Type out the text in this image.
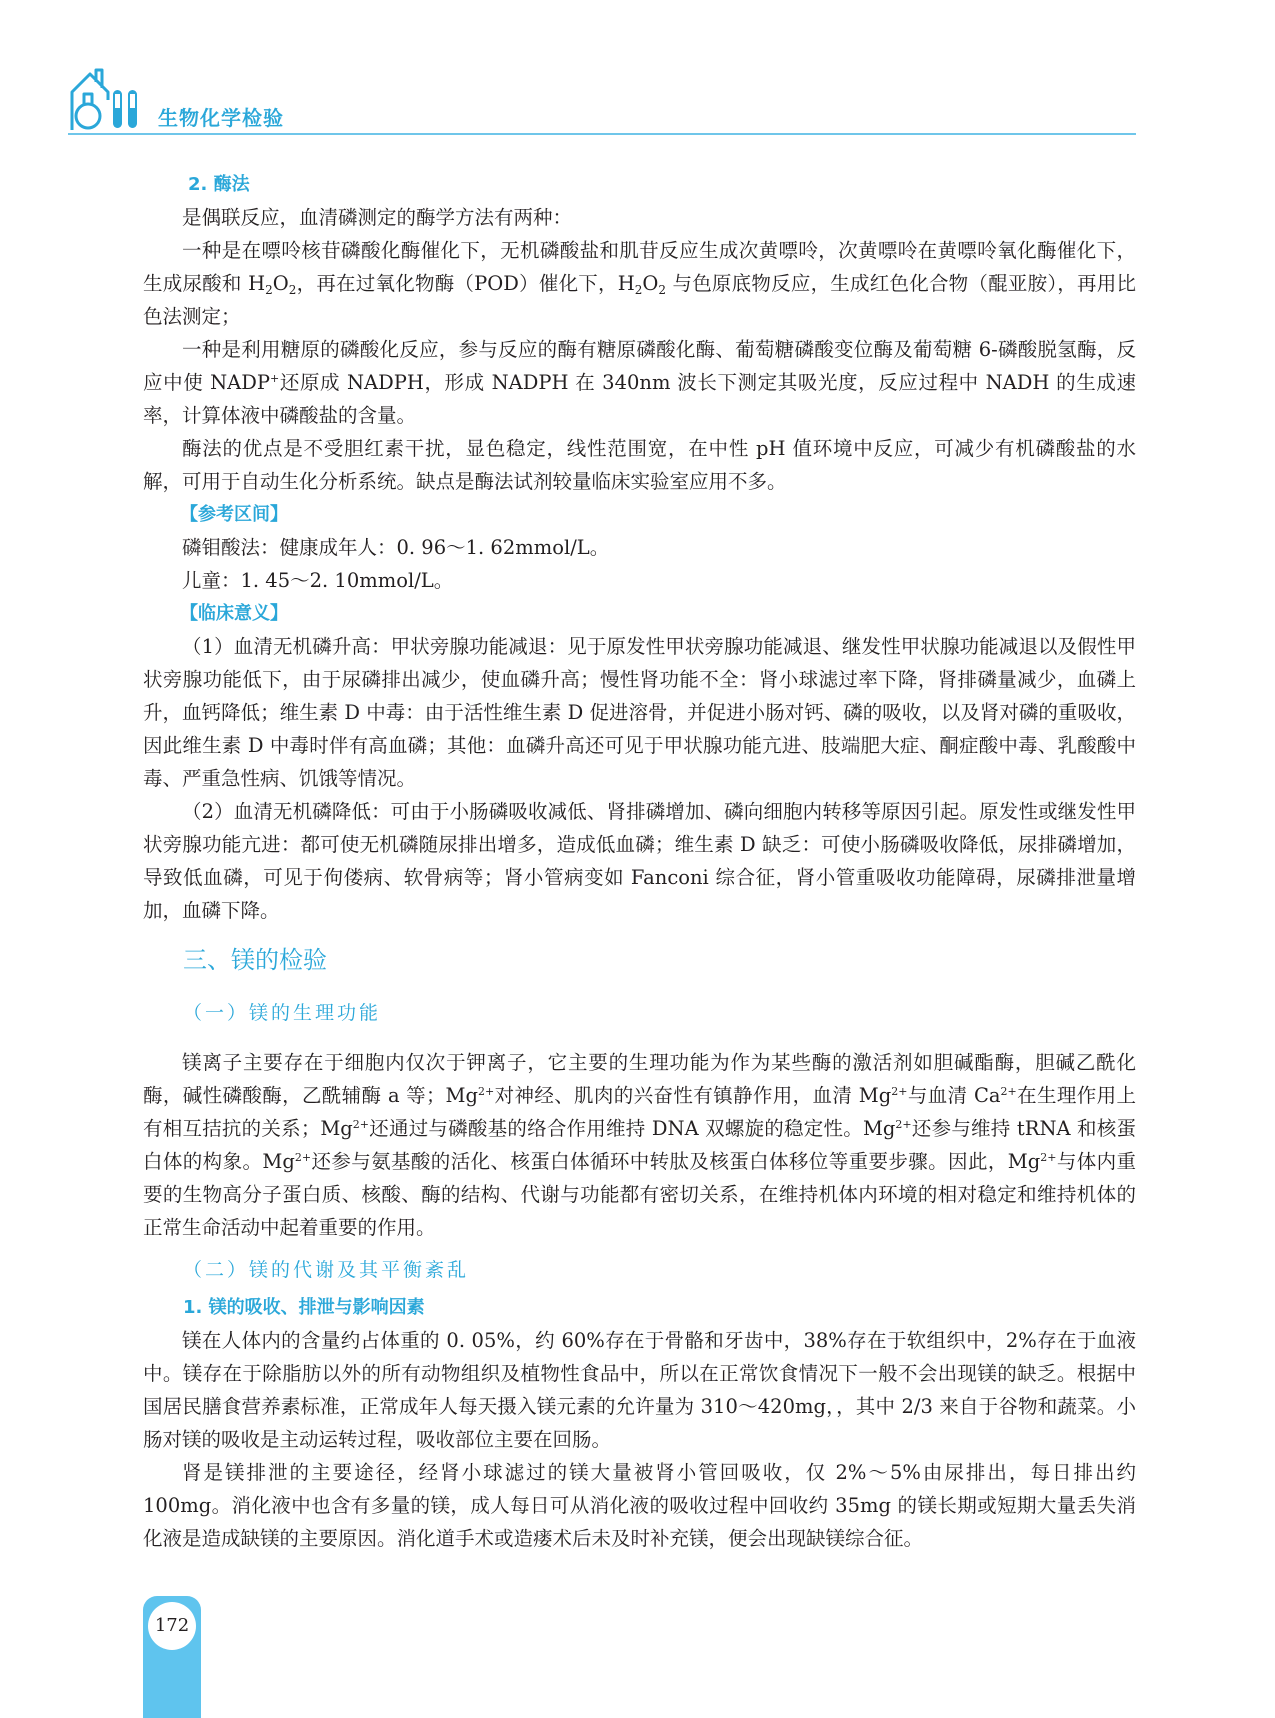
生物化学检验
2. 酶法

是偶联反应，血清磷测定的酶学方法有两种：

一种是在嘌呤核苷磷酸化酶催化下，无机磷酸盐和肌苷反应生成次黄嘌呤，次黄嘌呤在黄嘌呤氧化酶催化下，生成尿酸和 $H_2O_2$，再在过氧化物酶（POD）催化下，$H_2O_2$ 与色原底物反应，生成红色化合物（醌亚胺），再用比色法测定；

一种是利用糖原的磷酸化反应，参与反应的酶有糖原磷酸化酶、葡萄糖磷酸变位酶及葡萄糖 6-磷酸脱氢酶，反应中使 NADP+还原成 NADPH，形成 NADPH 在 340nm 波长下测定其吸光度，反应过程中 NADH 的生成速率，计算体液中磷酸盐的含量。

酶法的优点是不受胆红素干扰，显色稳定，线性范围宽，在中性 pH 值环境中反应，可减少有机磷酸盐的水解，可用于自动生化分析系统。缺点是酶法试剂较量临床实验室应用不多。

【参考区间】

磷钼酸法：健康成年人：0. 96～1. 62mmol/L。

儿童：1. 45～2. 10mmol/L。

【临床意义】

（1）血清无机磷升高：甲状旁腺功能减退：见于原发性甲状旁腺功能减退、继发性甲状腺功能减退以及假性甲状旁腺功能低下，由于尿磷排出减少，使血磷升高；慢性肾功能不全：肾小球滤过率下降，肾排磷量减少，血磷上升，血钙降低；维生素 D 中毒：由于活性维生素 D 促进溶骨，并促进小肠对钙、磷的吸收，以及肾对磷的重吸收，因此维生素 D 中毒时伴有高血磷；其他：血磷升高还可见于甲状腺功能亢进、肢端肥大症、酮症酸中毒、乳酸酸中毒、严重急性病、饥饿等情况。

（2）血清无机磷降低：可由于小肠磷吸收减低、肾排磷增加、磷向细胞内转移等原因引起。原发性或继发性甲状旁腺功能亢进：都可使无机磷随尿排出增多，造成低血磷；维生素 D 缺乏：可使小肠磷吸收降低，尿排磷增加，导致低血磷，可见于佝偻病、软骨病等；肾小管病变如 Fanconi 综合征，肾小管重吸收功能障碍，尿磷排泄量增加，血磷下降。

三、镁的检验
（一）镁的生理功能

镁离子主要存在于细胞内仅次于钾离子，它主要的生理功能为作为某些酶的激活剂如胆碱酯酶，胆碱乙酰化酶，碱性磷酸酶，乙酰辅酶 a 等；$Mg^{2+}$对神经、肌肉的兴奋性有镇静作用，血清 $Mg^{2+}$与血清 $Ca^{2+}$在生理作用上有相互拮抗的关系；$Mg^{2+}$还通过与磷酸基的络合作用维持 DNA 双螺旋的稳定性。$Mg^{2+}$还参与维持 tRNA 和核蛋白体的构象。$Mg^{2+}$还参与氨基酸的活化、核蛋白体循环中转肽及核蛋白体移位等重要步骤。因此，$Mg^{2+}$与体内重要的生物高分子蛋白质、核酸、酶的结构、代谢与功能都有密切关系，在维持机体内环境的相对稳定和维持机体的正常生命活动中起着重要的作用。

（二）镁的代谢及其平衡紊乱
1. 镁的吸收、排泄与影响因素

镁在人体内的含量约占体重的 0. 05%，约 60%存在于骨骼和牙齿中，38%存在于软组织中，2%存在于血液中。镁存在于除脂肪以外的所有动物组织及植物性食品中，所以在正常饮食情况下一般不会出现镁的缺乏。根据中国居民膳食营养素标准，正常成年人每天摄入镁元素的允许量为 310～420mg，，其中 2/3 来自于谷物和蔬菜。小肠对镁的吸收是主动运转过程，吸收部位主要在回肠。

肾是镁排泄的主要途径，经肾小球滤过的镁大量被肾小管回吸收，仅 2%～5%由尿排出，每日排出约 100mg。消化液中也含有多量的镁，成人每日可从消化液的吸收过程中回收约 35mg 的镁长期或短期大量丢失消化液是造成缺镁的主要原因。消化道手术或造瘘术后未及时补充镁，便会出现缺镁综合征。

172
